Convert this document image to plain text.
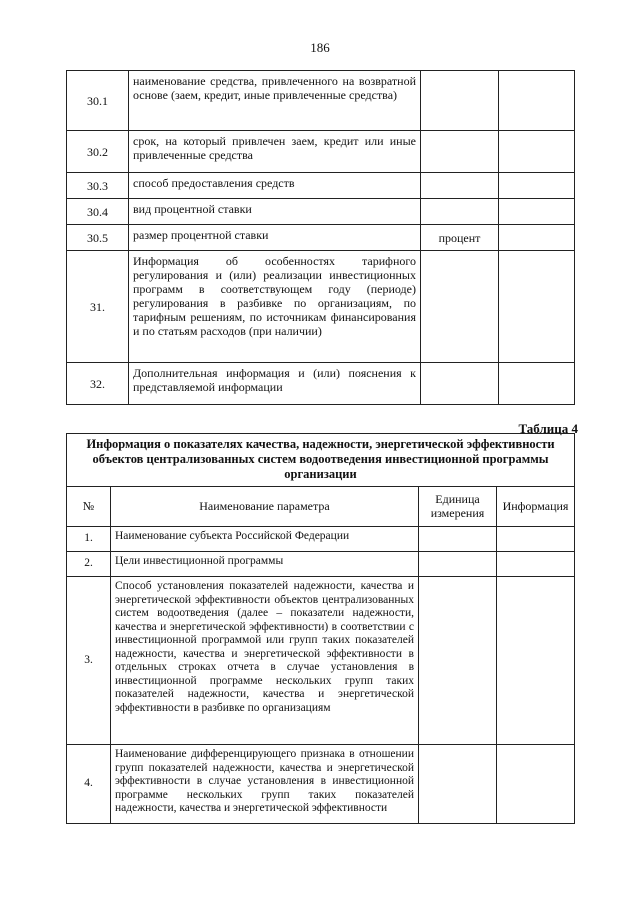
186
30.1	наименование средства, привлеченного на возвратной основе (заем, кредит, иные привлеченные средства)		
30.2	срок, на который привлечен заем, кредит или иные привлеченные средства		
30.3	способ предоставления средств		
30.4	вид процентной ставки		
30.5	размер процентной ставки	процент	
31.	Информация об особенностях тарифного регулирования и (или) реализации инвестиционных программ в соответствующем году (периоде) регулирования в разбивке по организациям, по тарифным решениям, по источникам финансирования и по статьям расходов (при наличии)		
32.	Дополнительная информация и (или) пояснения к представляемой информации		
Таблица 4
Информация о показателях качества, надежности, энергетической эффективности объектов централизованных систем водоотведения инвестиционной программы организации			
№	Наименование параметра	Единица измерения	Информация
1.	Наименование субъекта Российской Федерации		
2.	Цели инвестиционной программы		
3.	Способ установления показателей надежности, качества и энергетической эффективности объектов централизованных систем водоотведения (далее – показатели надежности, качества и энергетической эффективности) в соответствии с инвестиционной программой или групп таких показателей надежности, качества и энергетической эффективности в отдельных строках отчета в случае установления в инвестиционной программе нескольких групп таких показателей надежности, качества и энергетической эффективности в разбивке по организациям		
4.	Наименование дифференцирующего признака в отношении групп показателей надежности, качества и энергетической эффективности в случае установления в инвестиционной программе нескольких групп таких показателей надежности, качества и энергетической эффективности		
